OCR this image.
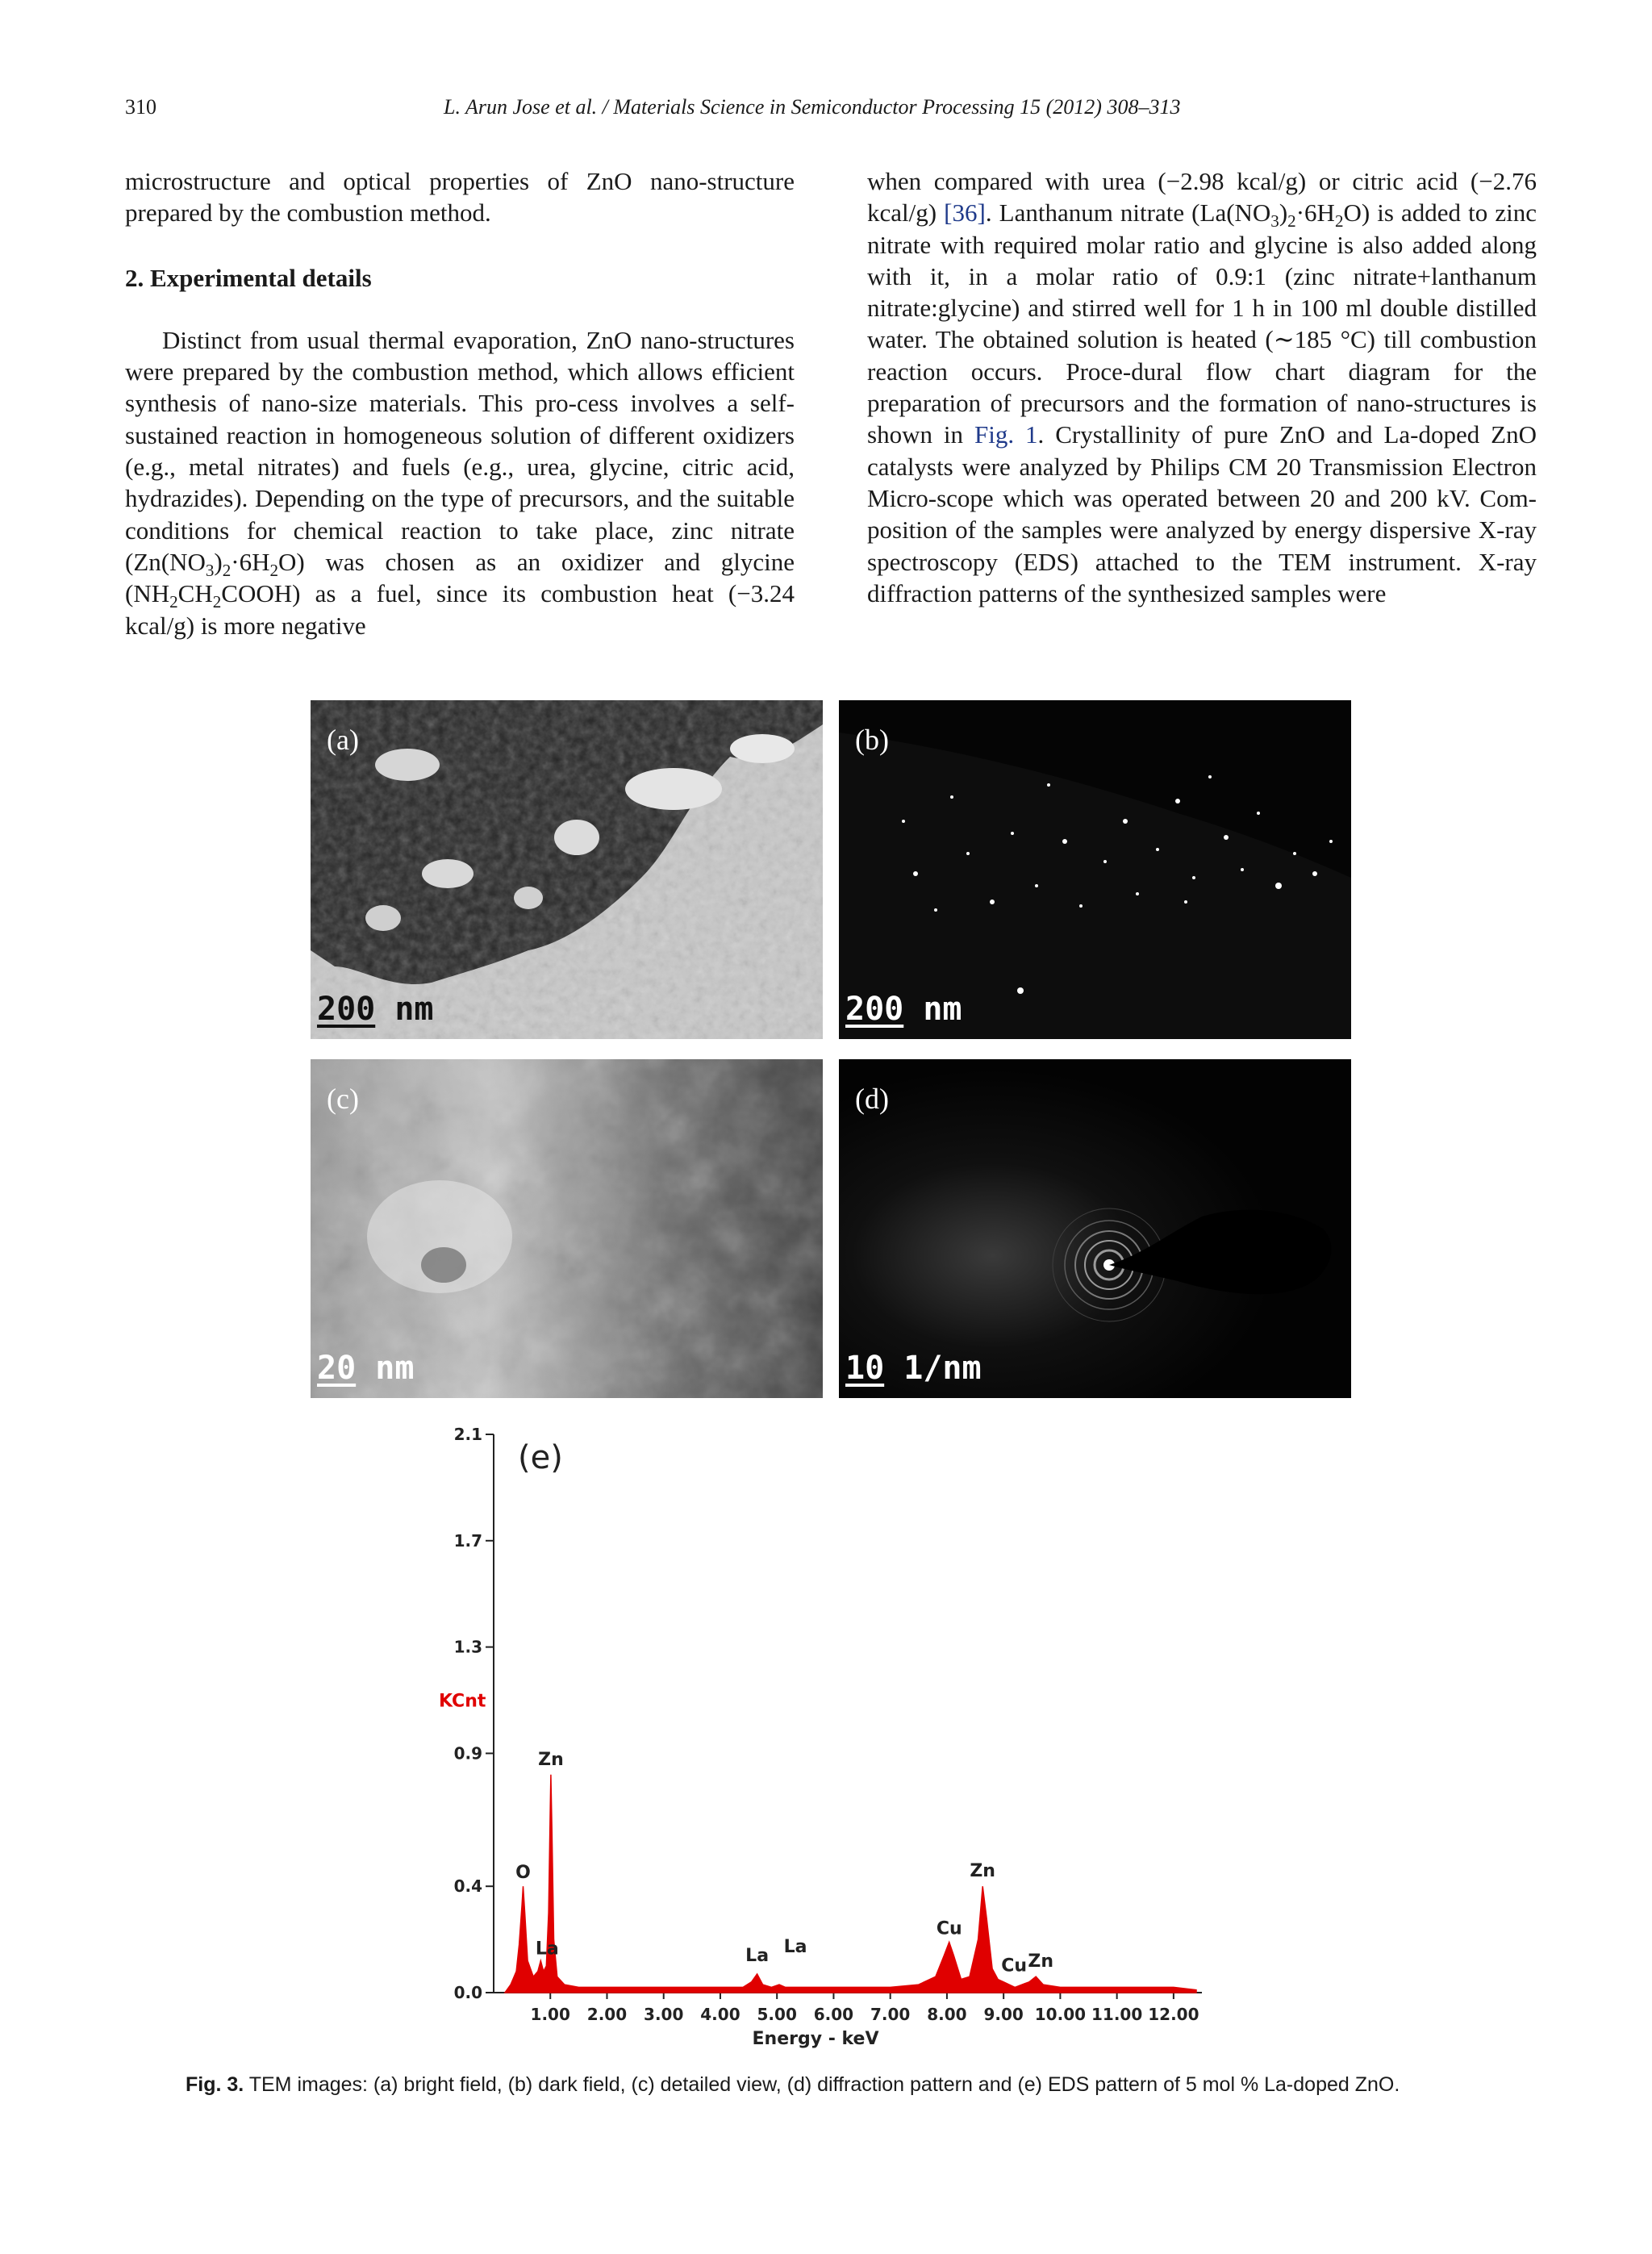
310	L. Arun Jose et al. / Materials Science in Semiconductor Processing 15 (2012) 308–313

microstructure and optical properties of ZnO nano-structure prepared by the combustion method.

2. Experimental details

Distinct from usual thermal evaporation, ZnO nano-structures were prepared by the combustion method, which allows efficient synthesis of nano-size materials. This pro-cess involves a self-sustained reaction in homogeneous solution of different oxidizers (e.g., metal nitrates) and fuels (e.g., urea, glycine, citric acid, hydrazides). Depending on the type of precursors, and the suitable conditions for chemical reaction to take place, zinc nitrate $(Zn(NO_3)_2\cdot 6H_2O)$ was chosen as an oxidizer and glycine $(NH_2CH_2COOH)$ as a fuel, since its combustion heat (−3.24 kcal/g) is more negative

when compared with urea (−2.98 kcal/g) or citric acid (−2.76 kcal/g) [36]. Lanthanum nitrate $(La(NO_3)_2\cdot 6H_2O)$ is added to zinc nitrate with required molar ratio and glycine is also added along with it, in a molar ratio of 0.9:1 (zinc nitrate+lanthanum nitrate:glycine) and stirred well for 1 h in 100 ml double distilled water. The obtained solution is heated (∼185 °C) till combustion reaction occurs. Proce-dural flow chart diagram for the preparation of precursors and the formation of nano-structures is shown in Fig. 1. Crystallinity of pure ZnO and La-doped ZnO catalysts were analyzed by Philips CM 20 Transmission Electron Micro-scope which was operated between 20 and 200 kV. Com-position of the samples were analyzed by energy dispersive X-ray spectroscopy (EDS) attached to the TEM instrument. X-ray diffraction patterns of the synthesized samples were

(a)
200 nm
(b)
200 nm
(c)
20 nm
(d)
10 1/nm
0.0
0.4
0.9
1.3
1.7
2.1
1.00 2.00 3.00 4.00 5.00 6.00 7.00 8.00 9.00 10.00 11.00 12.00
O
La
Zn
La La
Cu
Zn
Cu Zn
(e)
KCnt
Energy - keV
Fig. 3. TEM images: (a) bright field, (b) dark field, (c) detailed view, (d) diffraction pattern and (e) EDS pattern of 5 mol % La-doped ZnO.
